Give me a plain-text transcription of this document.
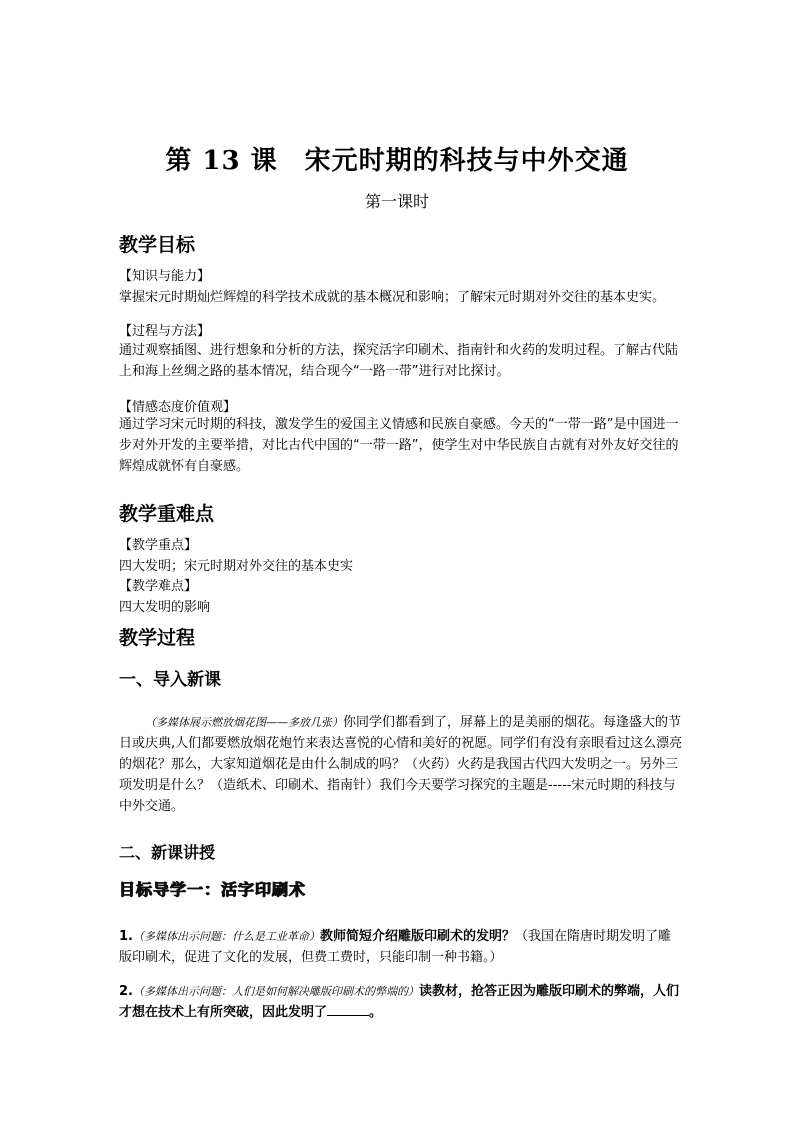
第 13 课　宋元时期的科技与中外交通
第一课时
教学目标
【知识与能力】
掌握宋元时期灿烂辉煌的科学技术成就的基本概况和影响；了解宋元时期对外交往的基本史实。
【过程与方法】

通过观察插图、进行想象和分析的方法，探究活字印刷术、指南针和火药的发明过程。了解古代陆上和海上丝绸之路的基本情况，结合现今“一路一带”进行对比探讨。

【情感态度价值观】

通过学习宋元时期的科技，激发学生的爱国主义情感和民族自豪感。今天的“一带一路”是中国进一步对外开发的主要举措，对比古代中国的“一带一路”，使学生对中华民族自古就有对外友好交往的辉煌成就怀有自豪感。

教学重难点
【教学重点】
四大发明；宋元时期对外交往的基本史实
【教学难点】
四大发明的影响
教学过程
一、导入新课

（多媒体展示燃放烟花图——多放几张）你同学们都看到了，屏幕上的是美丽的烟花。每逢盛大的节日或庆典,人们都要燃放烟花炮竹来表达喜悦的心情和美好的祝愿。同学们有没有亲眼看过这么漂亮的烟花？那么，大家知道烟花是由什么制成的吗？（火药）火药是我国古代四大发明之一。另外三项发明是什么？（造纸术、印刷术、指南针）我们今天要学习探究的主题是-----宋元时期的科技与中外交通。

二、新课讲授
目标导学一：活字印刷术

1.（多媒体出示问题：什么是工业革命）教师简短介绍雕版印刷术的发明？（我国在隋唐时期发明了雕版印刷术，促进了文化的发展，但费工费时，只能印制一种书籍。）

2.（多媒体出示问题：人们是如何解决雕版印刷术的弊端的）读教材，抢答正因为雕版印刷术的弊端，人们才想在技术上有所突破，因此发明了	。
